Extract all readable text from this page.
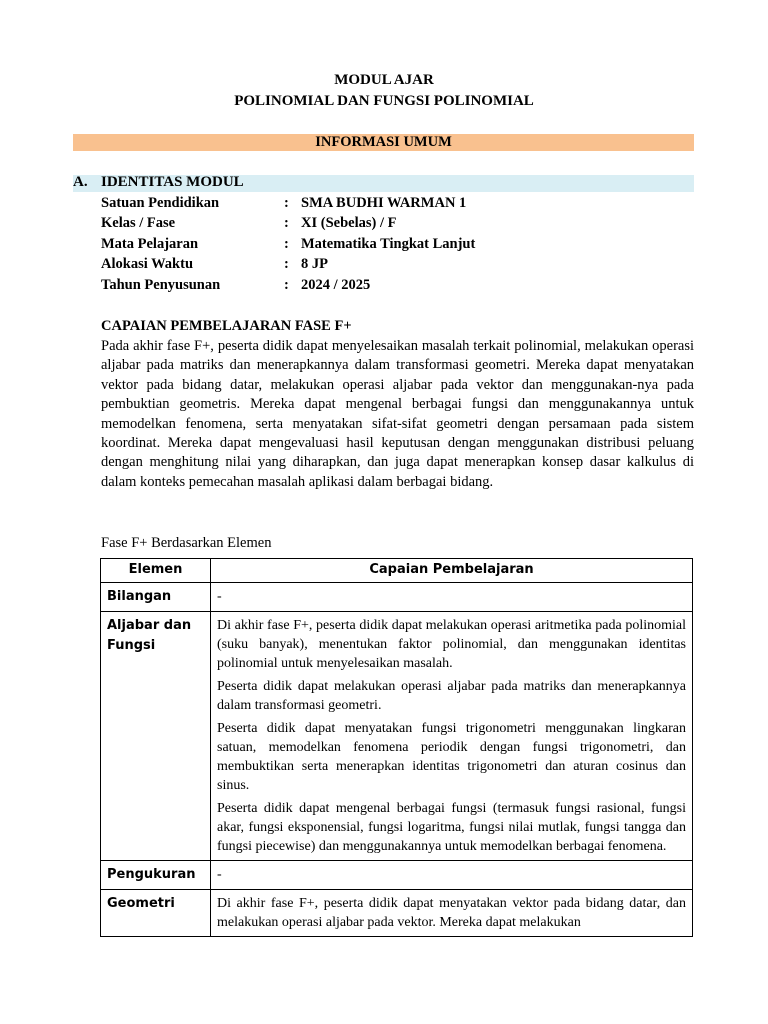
MODUL AJAR
POLINOMIAL DAN FUNGSI POLINOMIAL
INFORMASI UMUM
A. IDENTITAS MODUL
Satuan Pendidikan	: SMA BUDHI WARMAN 1
Kelas / Fase	: XI (Sebelas) / F
Mata Pelajaran	: Matematika Tingkat Lanjut
Alokasi Waktu	: 8 JP
Tahun Penyusunan	: 2024 / 2025
CAPAIAN PEMBELAJARAN FASE F+

Pada akhir fase F+, peserta didik dapat menyelesaikan masalah terkait polinomial, melakukan operasi aljabar pada matriks dan menerapkannya dalam transformasi geometri. Mereka dapat menyatakan vektor pada bidang datar, melakukan operasi aljabar pada vektor dan menggunakan-nya pada pembuktian geometris. Mereka dapat mengenal berbagai fungsi dan menggunakannya untuk memodelkan fenomena, serta menyatakan sifat-sifat geometri dengan persamaan pada sistem koordinat. Mereka dapat mengevaluasi hasil keputusan dengan menggunakan distribusi peluang dengan menghitung nilai yang diharapkan, dan juga dapat menerapkan konsep dasar kalkulus di dalam konteks pemecahan masalah aplikasi dalam berbagai bidang.

Fase F+ Berdasarkan Elemen
Elemen	Capaian Pembelajaran
Bilangan	-
Aljabar dan Fungsi	Di akhir fase F+, peserta didik dapat melakukan operasi aritmetika pada polinomial (suku banyak), menentukan faktor polinomial, dan menggunakan identitas polinomial untuk menyelesaikan masalah.

Peserta didik dapat melakukan operasi aljabar pada matriks dan menerapkannya dalam transformasi geometri.

Peserta didik dapat menyatakan fungsi trigonometri menggunakan lingkaran satuan, memodelkan fenomena periodik dengan fungsi trigonometri, dan membuktikan serta menerapkan identitas trigonometri dan aturan cosinus dan sinus.

Peserta didik dapat mengenal berbagai fungsi (termasuk fungsi rasional, fungsi akar, fungsi eksponensial, fungsi logaritma, fungsi nilai mutlak, fungsi tangga dan fungsi piecewise) dan menggunakannya untuk memodelkan berbagai fenomena.

Pengukuran	-
Geometri	Di akhir fase F+, peserta didik dapat menyatakan vektor pada bidang datar, dan melakukan operasi aljabar pada vektor. Mereka dapat melakukan
